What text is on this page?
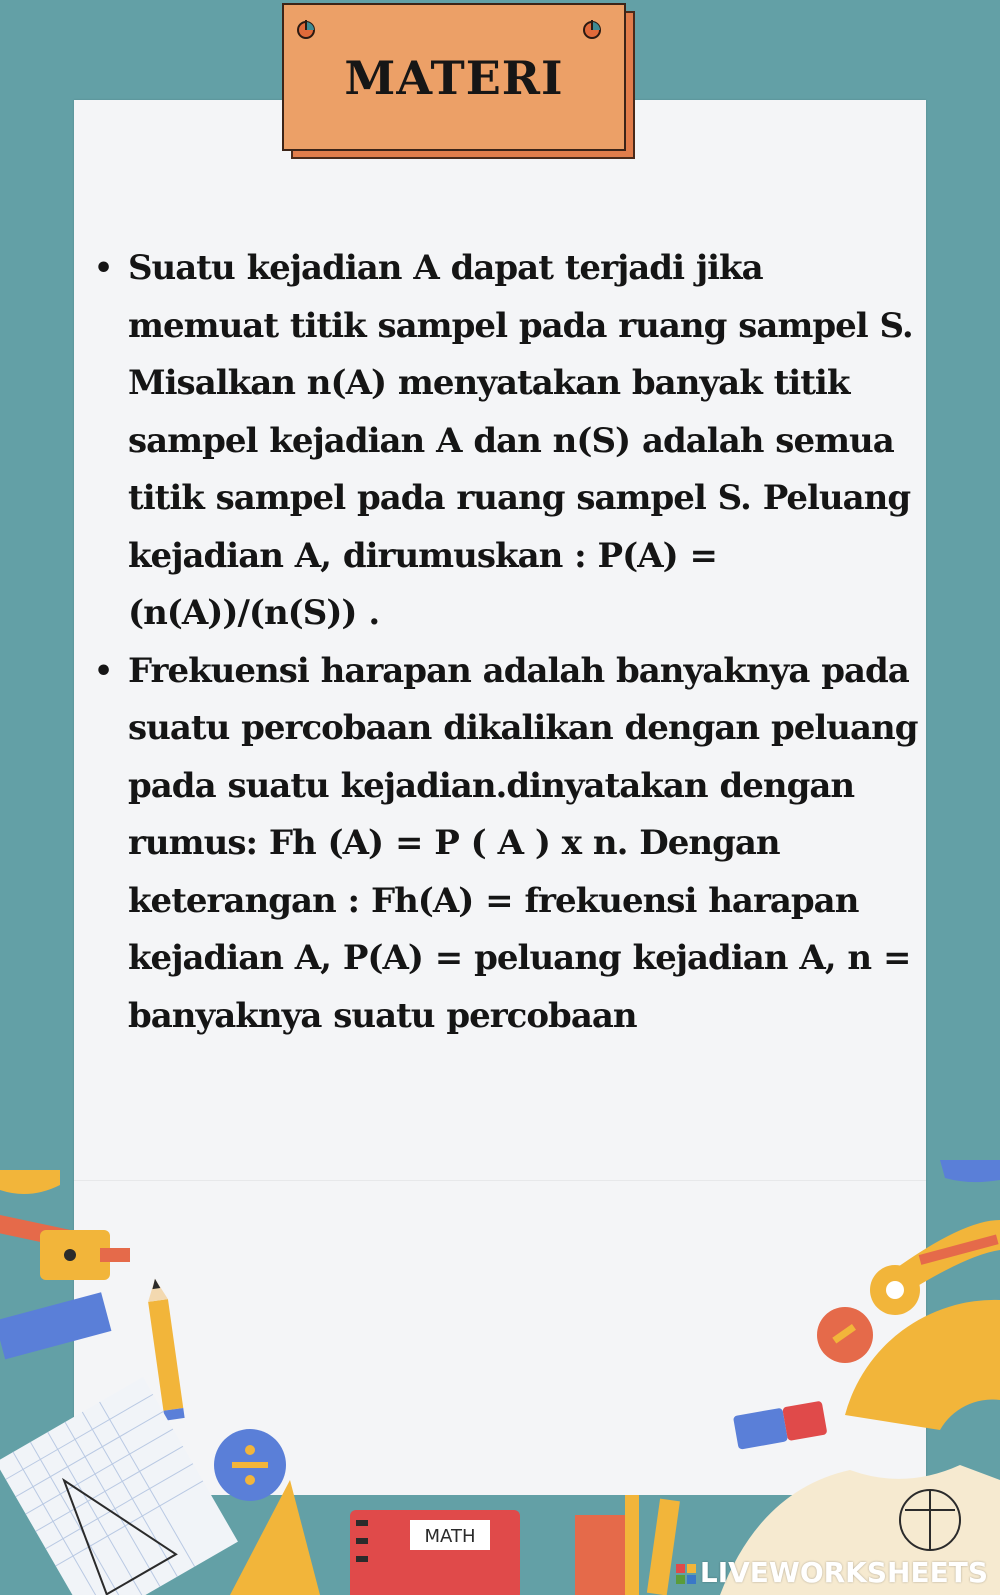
MATERI
• Suatu kejadian A dapat terjadi jika memuat titik sampel pada ruang sampel S. Misalkan n(A) menyatakan banyak titik sampel kejadian A dan n(S) adalah semua titik sampel pada ruang sampel S. Peluang kejadian A, dirumuskan : P(A) = (n(A))/(n(S)) .
• Frekuensi harapan adalah banyaknya pada suatu percobaan dikalikan dengan peluang pada suatu kejadian.dinyatakan dengan rumus: Fh (A) = P ( A ) x n. Dengan keterangan : Fh(A) = frekuensi harapan kejadian A, P(A) = peluang kejadian A, n = banyaknya suatu percobaan
MATH
LIVEWORKSHEETS
